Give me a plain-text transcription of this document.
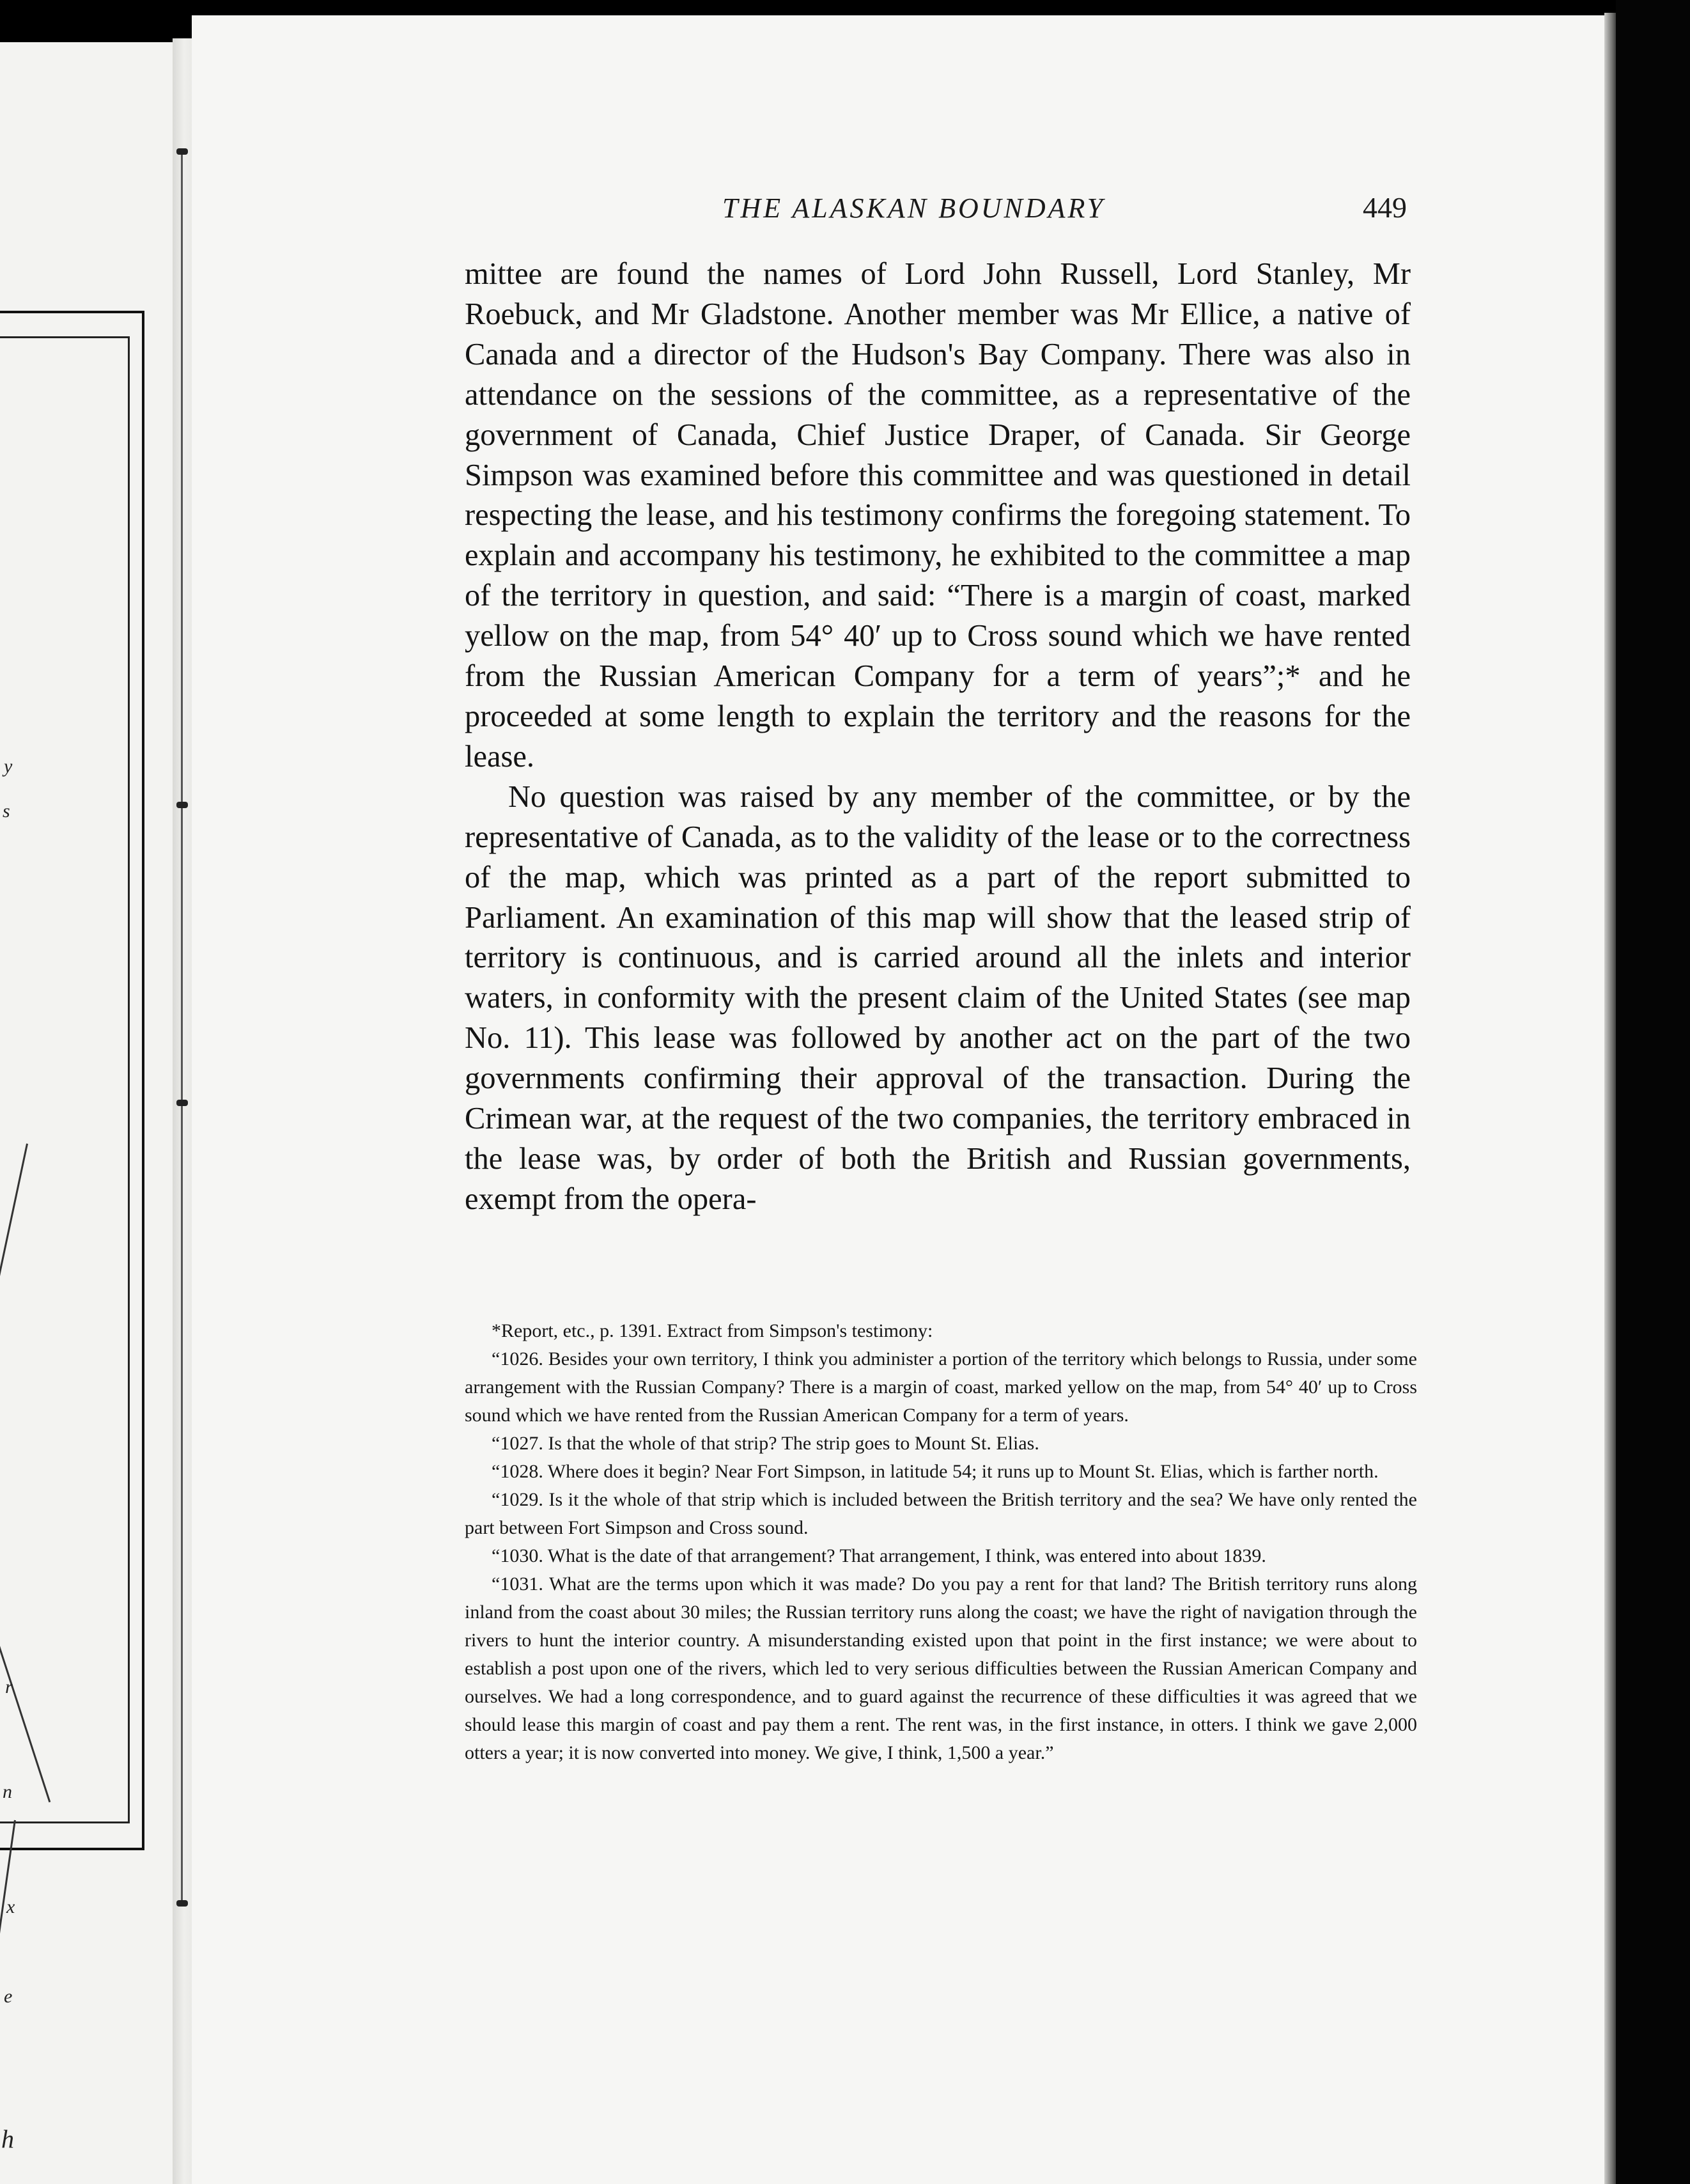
y
s
r
x
n
e
h
THE ALASKAN BOUNDARY	449

mittee are found the names of Lord John Russell, Lord Stanley, Mr Roebuck, and Mr Gladstone. Another member was Mr Ellice, a native of Canada and a director of the Hudson's Bay Company. There was also in attendance on the sessions of the committee, as a representative of the government of Canada, Chief Justice Draper, of Canada. Sir George Simpson was examined before this committee and was questioned in detail respecting the lease, and his testimony confirms the foregoing statement. To explain and accompany his testimony, he exhibited to the committee a map of the territory in question, and said: “There is a margin of coast, marked yellow on the map, from 54° 40′ up to Cross sound which we have rented from the Russian American Company for a term of years”;* and he proceeded at some length to explain the territory and the reasons for the lease.

No question was raised by any member of the committee, or by the representative of Canada, as to the validity of the lease or to the correctness of the map, which was printed as a part of the report submitted to Parliament. An examination of this map will show that the leased strip of territory is continuous, and is carried around all the inlets and interior waters, in conformity with the present claim of the United States (see map No. 11). This lease was followed by another act on the part of the two governments confirming their approval of the transaction. During the Crimean war, at the request of the two companies, the territory embraced in the lease was, by order of both the British and Russian governments, exempt from the opera-

*Report, etc., p. 1391. Extract from Simpson's testimony:

“1026. Besides your own territory, I think you administer a portion of the territory which belongs to Russia, under some arrangement with the Russian Company? There is a margin of coast, marked yellow on the map, from 54° 40′ up to Cross sound which we have rented from the Russian American Company for a term of years.

“1027. Is that the whole of that strip? The strip goes to Mount St. Elias.

“1028. Where does it begin? Near Fort Simpson, in latitude 54; it runs up to Mount St. Elias, which is farther north.

“1029. Is it the whole of that strip which is included between the British territory and the sea? We have only rented the part between Fort Simpson and Cross sound.

“1030. What is the date of that arrangement? That arrangement, I think, was entered into about 1839.

“1031. What are the terms upon which it was made? Do you pay a rent for that land? The British territory runs along inland from the coast about 30 miles; the Russian territory runs along the coast; we have the right of navigation through the rivers to hunt the interior country. A misunderstanding existed upon that point in the first instance; we were about to establish a post upon one of the rivers, which led to very serious difficulties between the Russian American Company and ourselves. We had a long correspondence, and to guard against the recurrence of these difficulties it was agreed that we should lease this margin of coast and pay them a rent. The rent was, in the first instance, in otters. I think we gave 2,000 otters a year; it is now converted into money. We give, I think, 1,500 a year.”
